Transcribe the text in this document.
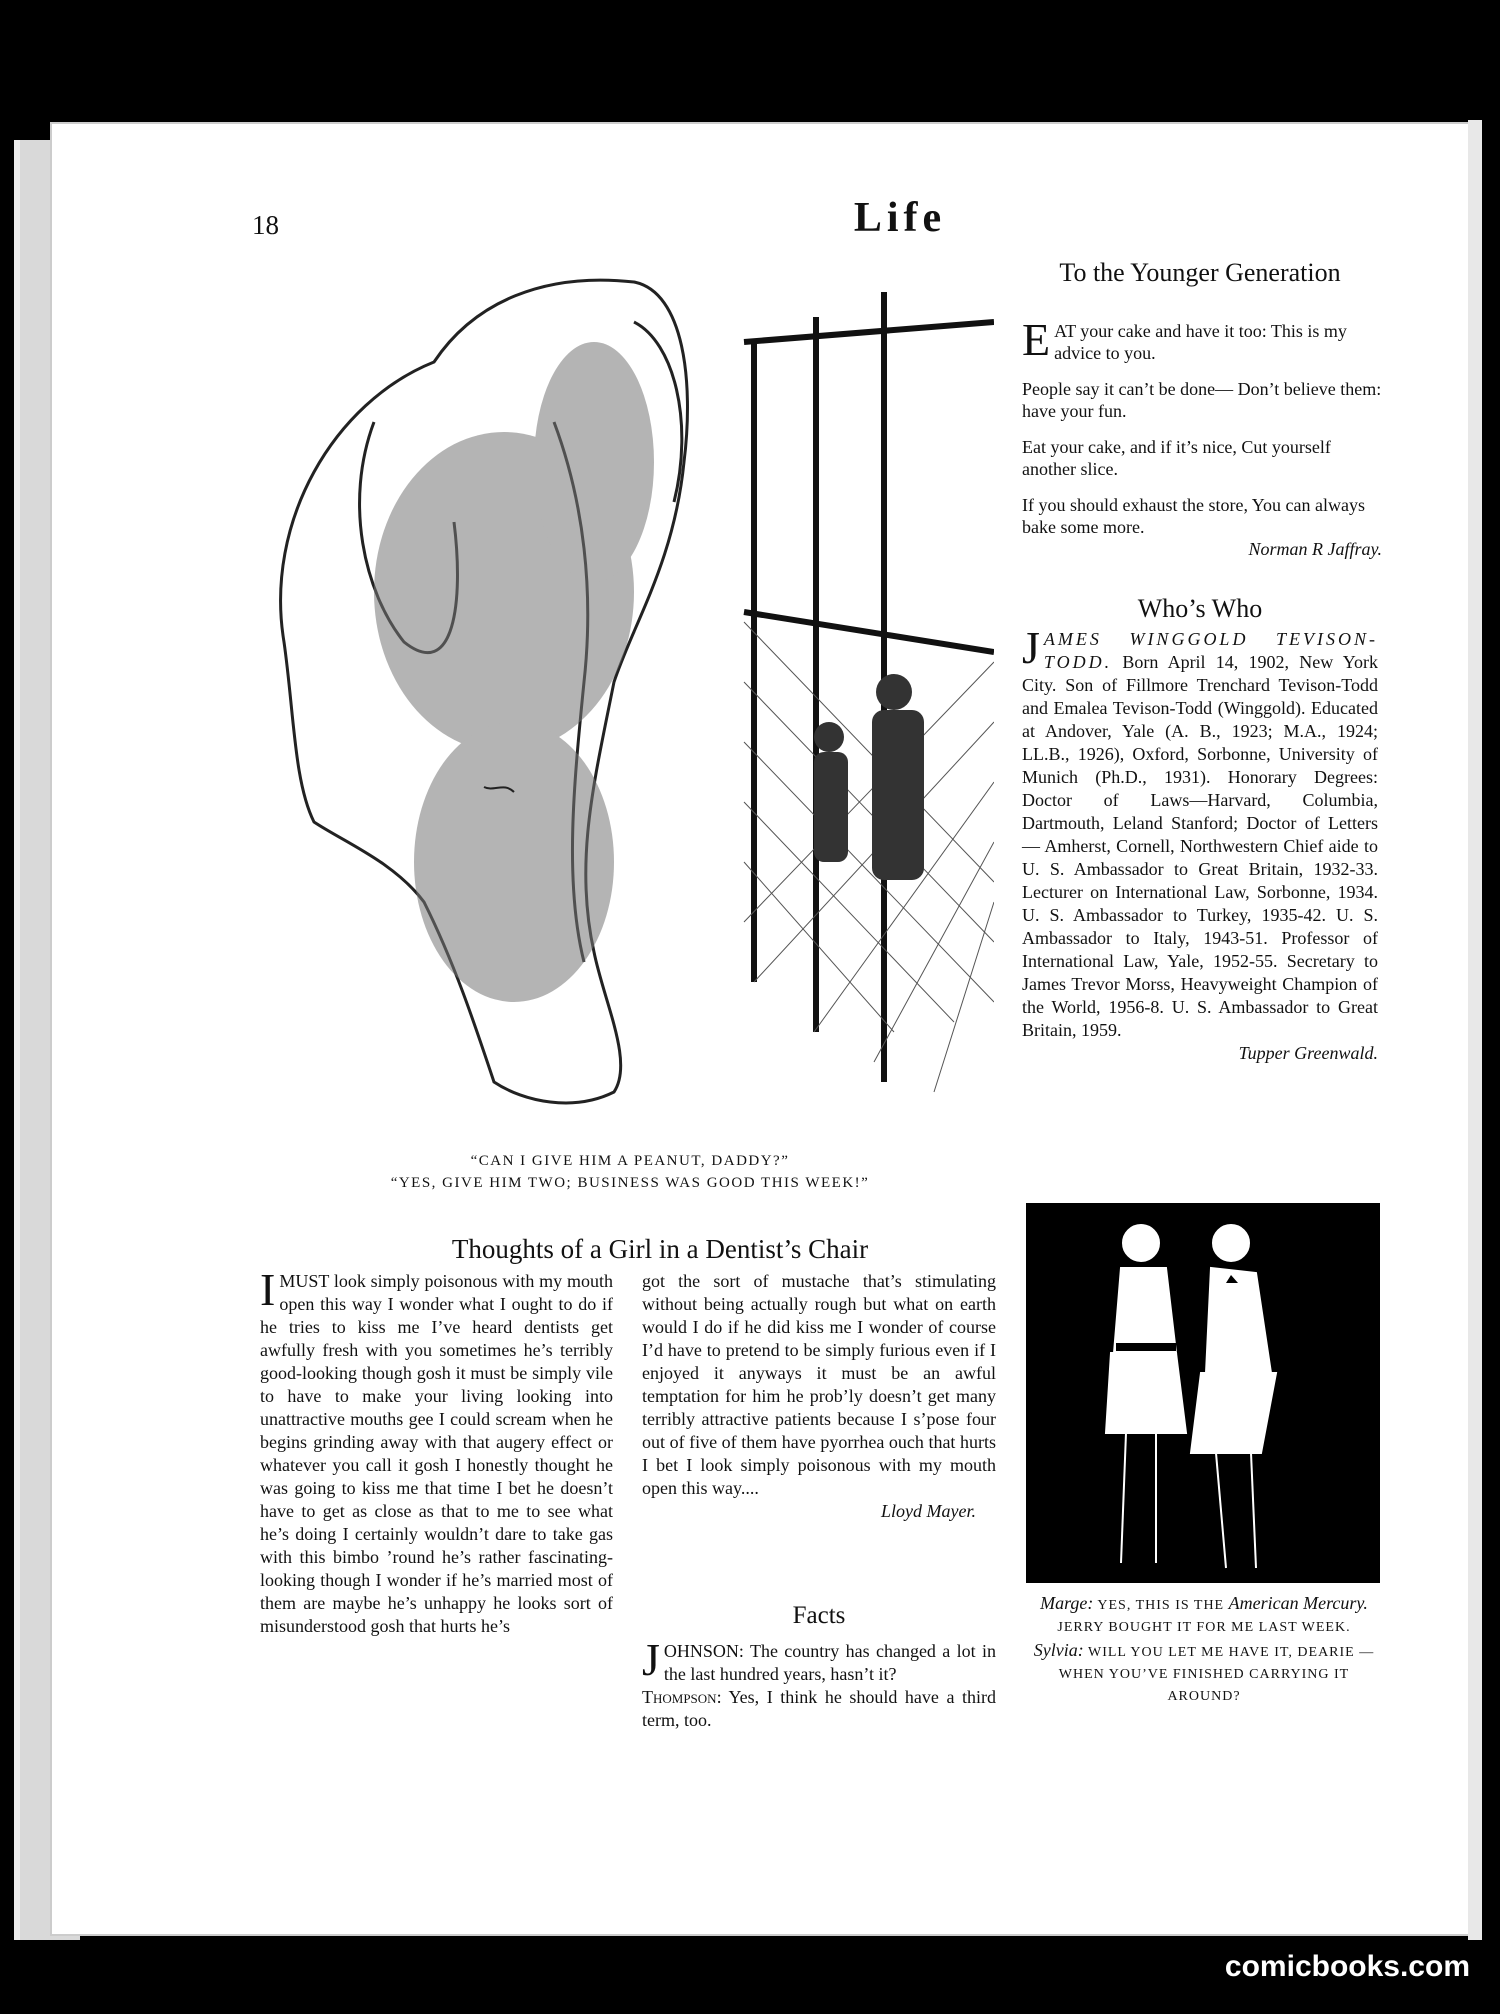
18	Life
“CAN I GIVE HIM A PEANUT, DADDY?”
“YES, GIVE HIM TWO; BUSINESS WAS GOOD THIS WEEK!”
To the Younger Generation

EAT your cake and have it too: This is my advice to you.

People say it can’t be done— Don’t believe them: have your fun.

Eat your cake, and if it’s nice, Cut yourself another slice.

If you should exhaust the store, You can always bake some more.

Norman R Jaffray.
Who’s Who
JAMES WINGGOLD TEVISON-TODD. Born April 14, 1902, New York City. Son of Fillmore Trenchard Tevison-Todd and Emalea Tevison-Todd (Winggold). Educated at Andover, Yale (A. B., 1923; M.A., 1924; LL.B., 1926), Oxford, Sorbonne, University of Munich (Ph.D., 1931). Honorary Degrees: Doctor of Laws—Harvard, Columbia, Dartmouth, Leland Stanford; Doctor of Letters — Amherst, Cornell, Northwestern Chief aide to U. S. Ambassador to Great Britain, 1932-33. Lecturer on International Law, Sorbonne, 1934. U. S. Ambassador to Turkey, 1935-42. U. S. Ambassador to Italy, 1943-51. Professor of International Law, Yale, 1952-55. Secretary to James Trevor Morss, Heavyweight Champion of the World, 1956-8. U. S. Ambassador to Great Britain, 1959.
Tupper Greenwald.
Marge: YES, THIS IS THE American Mercury. JERRY BOUGHT IT FOR ME LAST WEEK.
Sylvia: WILL YOU LET ME HAVE IT, DEARIE — WHEN YOU’VE FINISHED CARRYING IT AROUND?
Thoughts of a Girl in a Dentist’s Chair
IMUST look simply poisonous with my mouth open this way I wonder what I ought to do if he tries to kiss me I’ve heard dentists get awfully fresh with you sometimes he’s terribly good-looking though gosh it must be simply vile to have to make your living looking into unattractive mouths gee I could scream when he begins grinding away with that augery effect or whatever you call it gosh I honestly thought he was going to kiss me that time I bet he doesn’t have to get as close as that to me to see what he’s doing I certainly wouldn’t dare to take gas with this bimbo ’round he’s rather fascinating-looking though I wonder if he’s married most of them are maybe he’s unhappy he looks sort of misunderstood gosh that hurts he’s

got the sort of mustache that’s stimulating without being actually rough but what on earth would I do if he did kiss me I wonder of course I’d have to pretend to be simply furious even if I enjoyed it anyways it must be an awful temptation for him he prob’ly doesn’t get many terribly attractive patients because I s’pose four out of five of them have pyorrhea ouch that hurts I bet I look simply poisonous with my mouth open this way....

Lloyd Mayer.
Facts

JOHNSON: The country has changed a lot in the last hundred years, hasn’t it?

Thompson: Yes, I think he should have a third term, too.

comicbooks.com
